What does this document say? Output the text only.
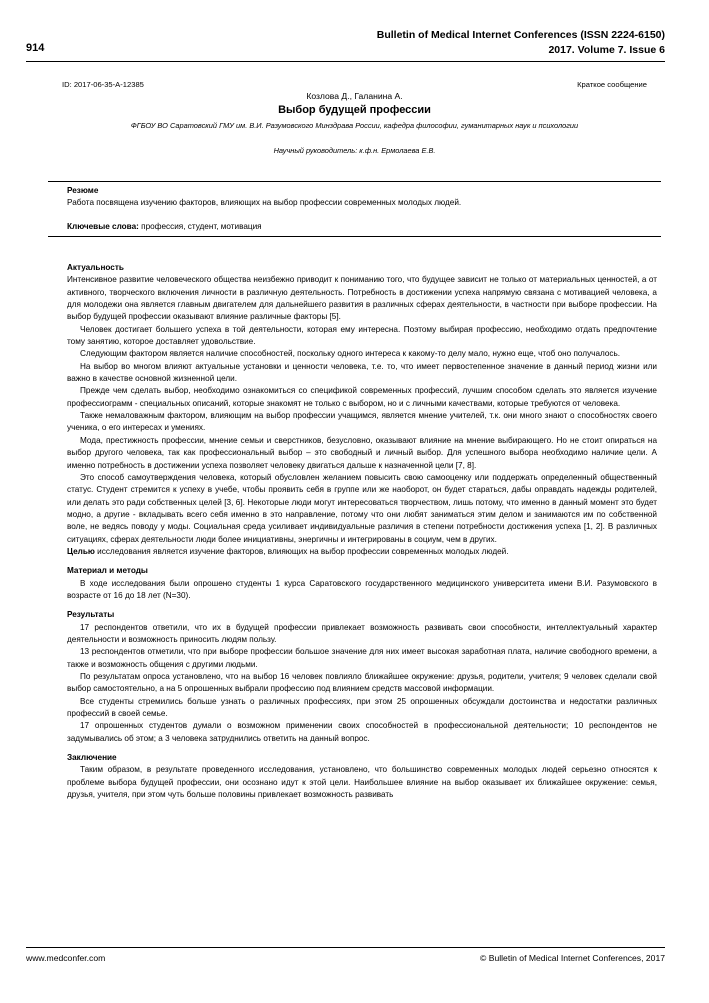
914
Bulletin of Medical Internet Conferences (ISSN 2224-6150)
2017. Volume 7. Issue 6
ID: 2017-06-35-A-12385	Краткое сообщение
Козлова Д., Галанина А.
Выбор будущей профессии
ФГБОУ ВО Саратовский ГМУ им. В.И. Разумовского Минздрава России, кафедра философии, гуманитарных наук и психологии
Научный руководитель: к.ф.н. Ермолаева Е.В.
Резюме
Работа посвящена изучению факторов, влияющих на выбор профессии современных молодых людей.
Ключевые слова: профессия, студент, мотивация

Актуальность

Интенсивное развитие человеческого общества неизбежно приводит к пониманию того, что будущее зависит не только от материальных ценностей, а от активного, творческого включения личности в различную деятельность. Потребность в достижении успеха напрямую связана с мотивацией человека, а для молодежи она является главным двигателем для дальнейшего развития в различных сферах деятельности, в частности при выборе профессии. На выбор будущей профессии оказывают влияние различные факторы [5].

Человек достигает большего успеха в той деятельности, которая ему интересна. Поэтому выбирая профессию, необходимо отдать предпочтение тому занятию, которое доставляет удовольствие.

Следующим фактором является наличие способностей, поскольку одного интереса к какому-то делу мало, нужно еще, чтоб оно получалось.

На выбор во многом влияют актуальные установки и ценности человека, т.е. то, что имеет первостепенное значение в данный период жизни или важно в качестве основной жизненной цели.

Прежде чем сделать выбор, необходимо ознакомиться со спецификой современных профессий, лучшим способом сделать это является изучение профессиограмм - специальных описаний, которые знакомят не только с выбором, но и с личными качествами, которые требуются от человека.

Также немаловажным фактором, влияющим на выбор профессии учащимся, является мнение учителей, т.к. они много знают о способностях своего ученика, о его интересах и умениях.

Мода, престижность профессии, мнение семьи и сверстников, безусловно, оказывают влияние на мнение выбирающего. Но не стоит опираться на выбор другого человека, так как профессиональный выбор – это свободный и личный выбор. Для успешного выбора необходимо наличие цели. А именно потребность в достижении успеха позволяет человеку двигаться дальше к назначенной цели [7, 8].

Это способ самоутверждения человека, который обусловлен желанием повысить свою самооценку или поддержать определенный общественный статус. Студент стремится к успеху в учебе, чтобы проявить себя в группе или же наоборот, он будет стараться, дабы оправдать надежды родителей, или делать это ради собственных целей [3, 6]. Некоторые люди могут интересоваться творчеством, лишь потому, что именно в данный момент это будет модно, а другие - вкладывать всего себя именно в это направление, потому что они любят заниматься этим делом и занимаются им по собственной воле, не ведясь поводу у моды. Социальная среда усиливает индивидуальные различия в степени потребности достижения успеха [1, 2]. В различных ситуациях, сферах деятельности люди более инициативны, энергичны и интегрированы в социум, чем в других.

Целью исследования является изучение факторов, влияющих на выбор профессии современных молодых людей.

Материал и методы

В ходе исследования были опрошено студенты 1 курса Саратовского государственного медицинского университета имени В.И. Разумовского в возрасте от 16 до 18 лет (N=30).

Результаты

17 респондентов ответили, что их в будущей профессии привлекает возможность развивать свои способности, интеллектуальный характер деятельности и возможность приносить людям пользу.

13 респондентов отметили, что при выборе профессии большое значение для них имеет высокая заработная плата, наличие свободного времени, а также и возможность общения с другими людьми.

По результатам опроса установлено, что на выбор 16 человек повлияло ближайшее окружение: друзья, родители, учителя; 9 человек сделали свой выбор самостоятельно, а на 5 опрошенных выбрали профессию под влиянием средств массовой информации.

Все студенты стремились больше узнать о различных профессиях, при этом 25 опрошенных обсуждали достоинства и недостатки различных профессий в своей семье.

17 опрошенных студентов думали о возможном применении своих способностей в профессиональной деятельности; 10 респондентов не задумывались об этом; а 3 человека затруднились ответить на данный вопрос.

Заключение

Таким образом, в результате проведенного исследования, установлено, что большинство современных молодых людей серьезно относятся к проблеме выбора будущей профессии, они осознано идут к этой цели. Наибольшее влияние на выбор оказывает их ближайшее окружение: семья, друзья, учителя, при этом чуть больше половины привлекает возможность развивать

www.medconfer.com	© Bulletin of Medical Internet Conferences, 2017
